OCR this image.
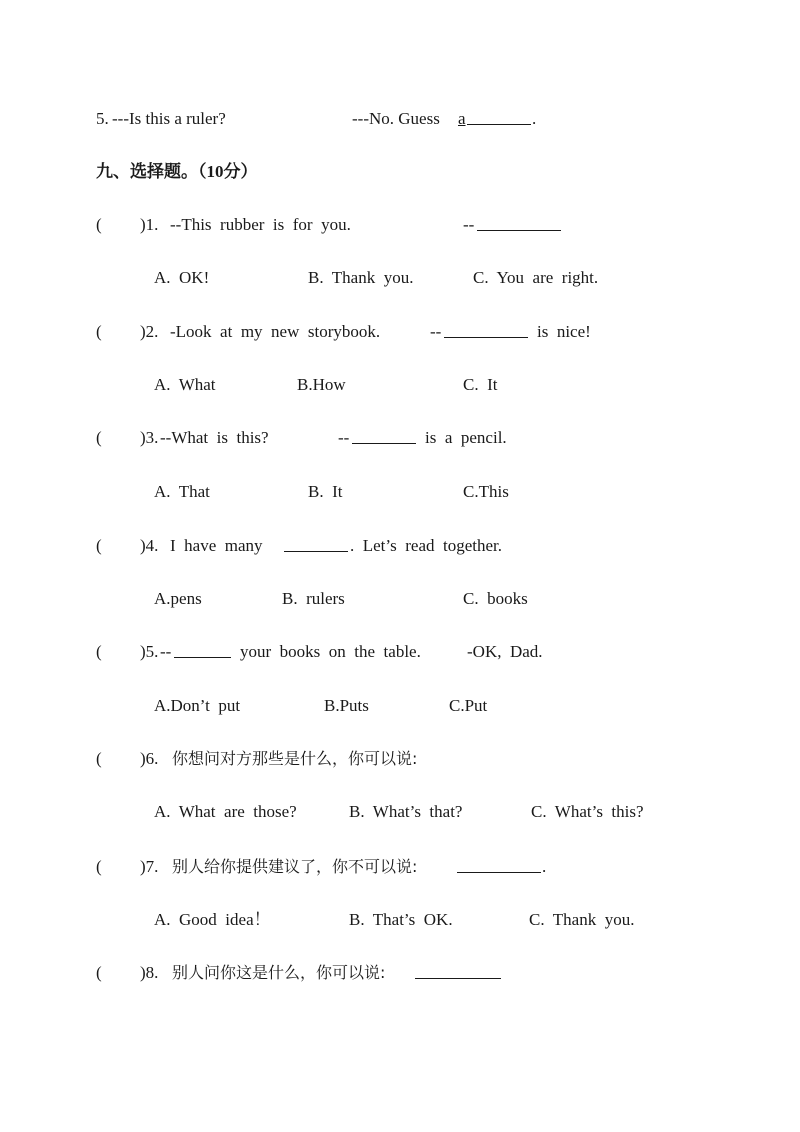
5.

---Is this a ruler?

	---No. Guess

a

	.

九、选择题。（10分）

(

)1.

--This  rubber  is  for  you.

	--

A.  OK!

	B.  Thank  you.

	C.  You  are  right.

(

)2.

-Look  at  my  new  storybook.

	--

	is  nice!

A.  What

	B.How

	C.  It

(

)3.

--What  is  this?

	--

	is  a  pencil.

A.  That

	B.  It

	C.This

(

)4.

I  have  many

	.  Let’s  read  together.

A.pens

	B.  rulers

	C.  books

(

)5.

--

	your  books  on  the  table.

	-OK,  Dad.

A.Don’t  put

	B.Puts

	C.Put

(

)6.

你想问对方那些是什么，你可以说:

A.  What  are  those?

	B.  What’s  that?

	C.  What’s  this?

(

)7.

别人给你提供建议了，你不可以说:

	.

A.  Good  idea！

	B.  That’s  OK.

	C.  Thank  you.

(

)8.

别人问你这是什么，你可以说:
